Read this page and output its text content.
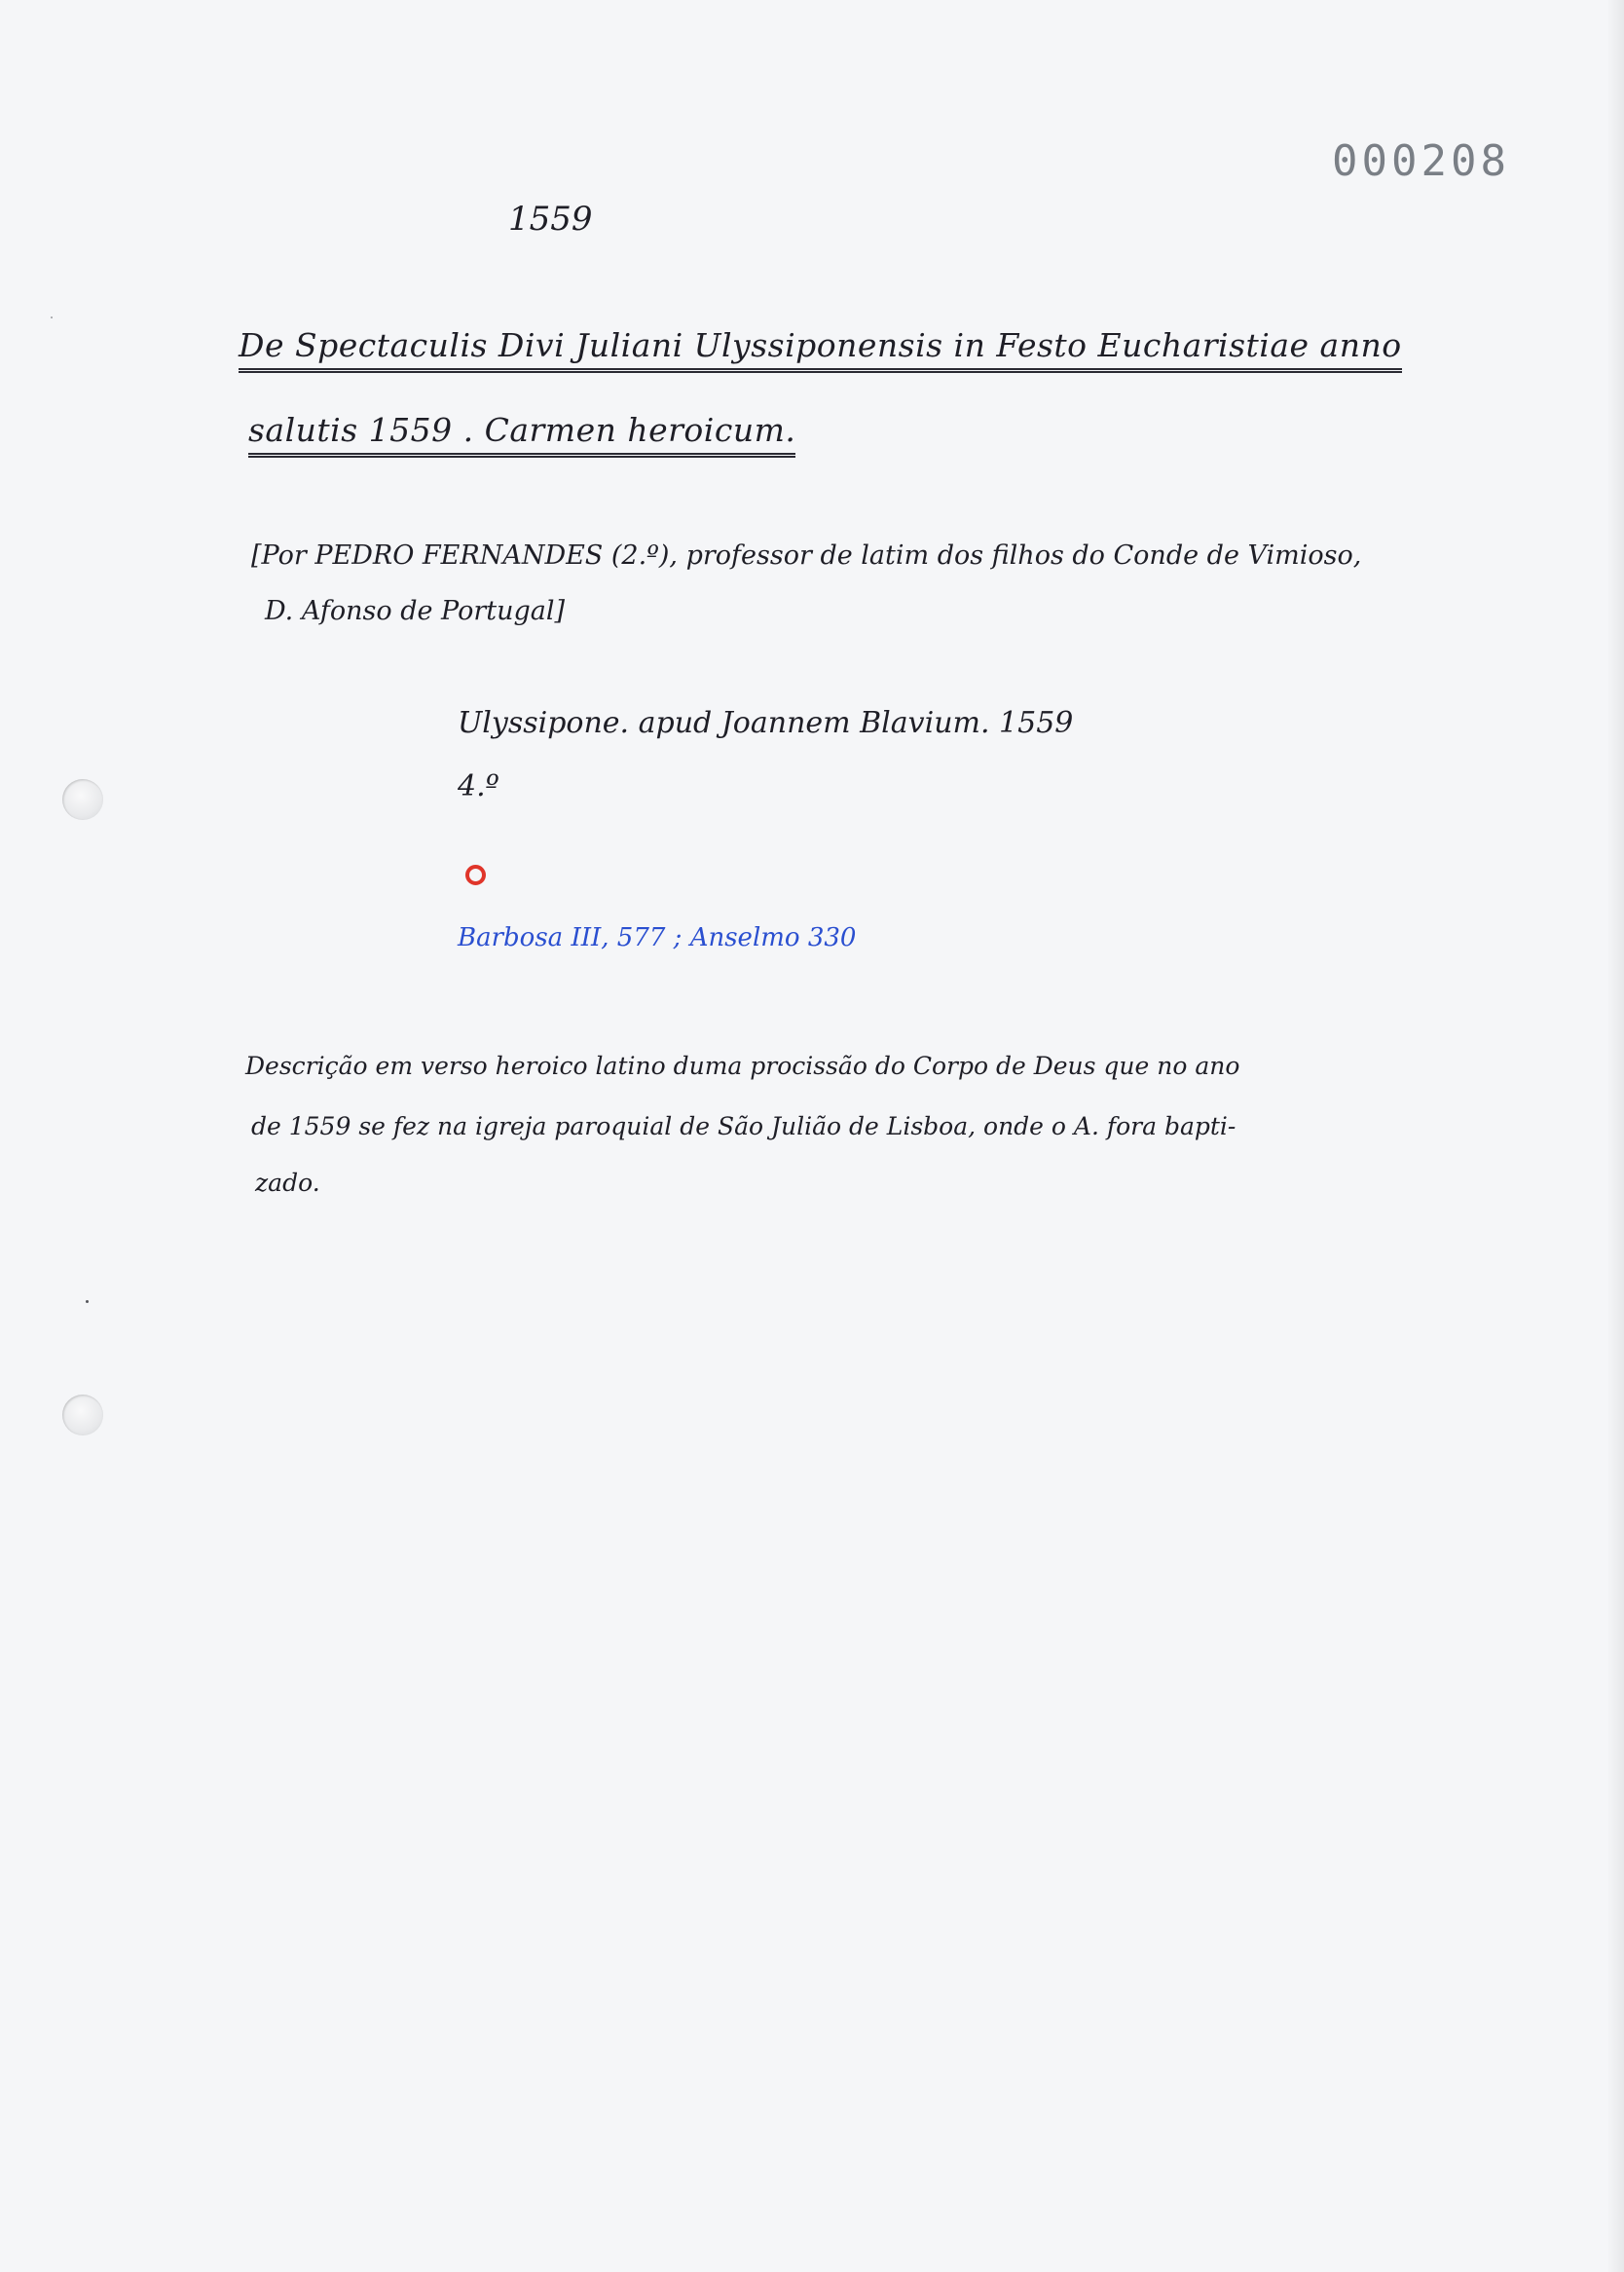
000208
1559
De Spectaculis Divi Juliani Ulyssiponensis in Festo Eucharistiae anno
salutis 1559 . Carmen heroicum.
[Por PEDRO FERNANDES (2.º), professor de latim dos filhos do Conde de Vimioso,
D. Afonso de Portugal]
Ulyssipone. apud Joannem Blavium. 1559
4.º
Barbosa III, 577 ; Anselmo 330
Descrição em verso heroico latino duma procissão do Corpo de Deus que no ano
de 1559 se fez na igreja paroquial de São Julião de Lisboa, onde o A. fora bapti-
zado.
